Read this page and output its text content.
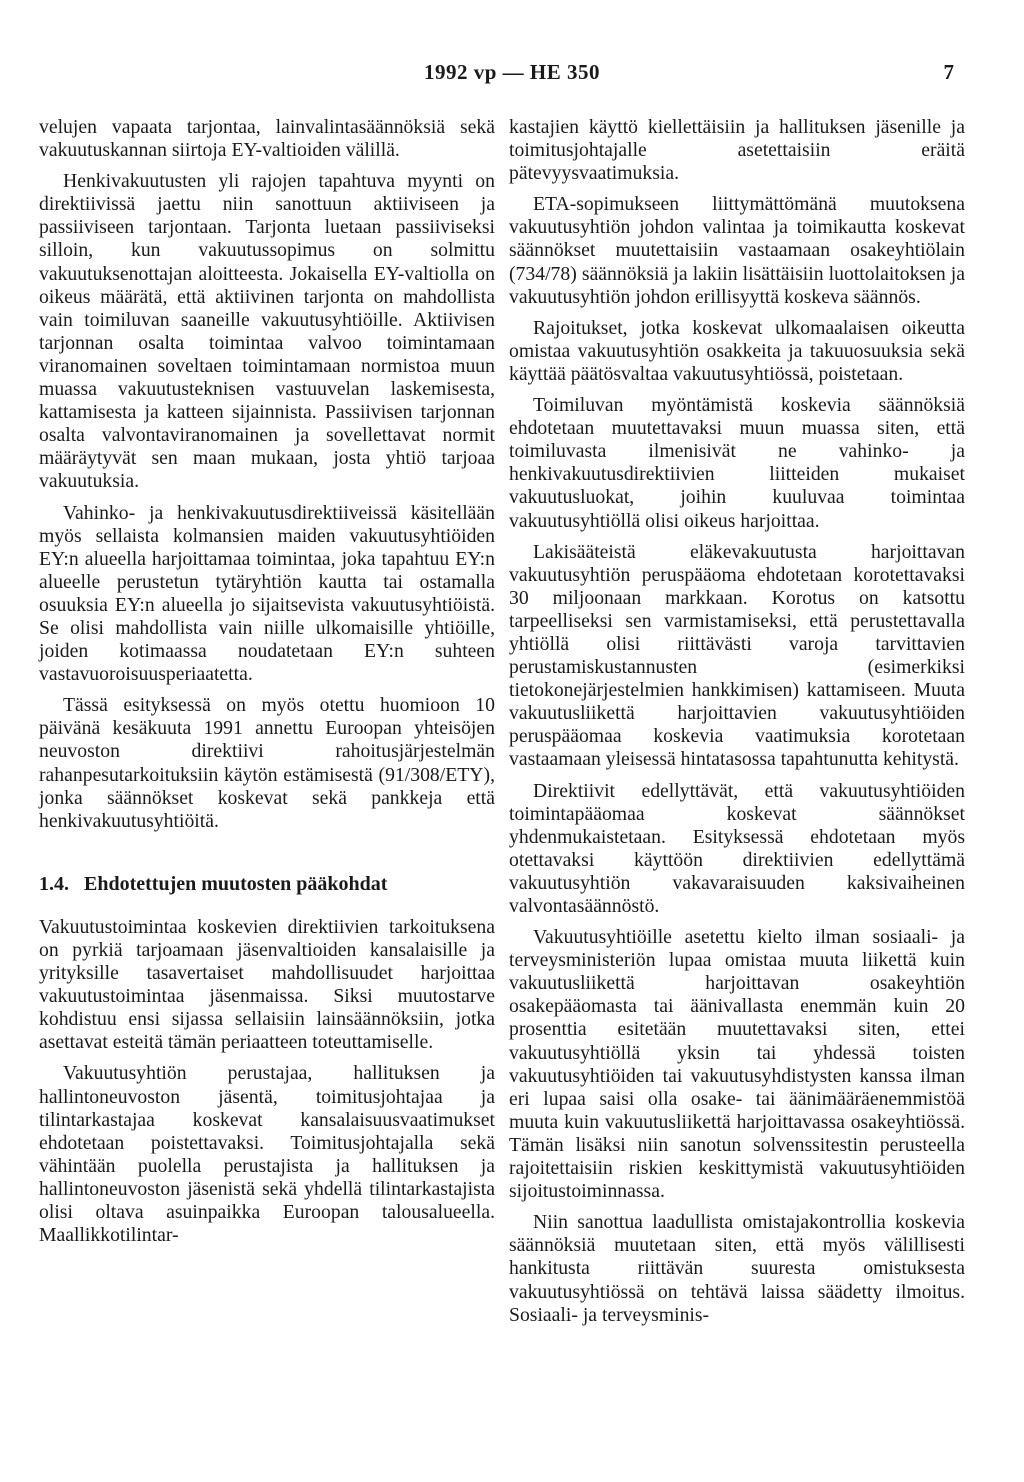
1992 vp — HE 350	7

velujen vapaata tarjontaa, lainvalintasäännöksiä sekä vakuutuskannan siirtoja EY-valtioiden välillä.

Henkivakuutusten yli rajojen tapahtuva myynti on direktiivissä jaettu niin sanottuun aktiiviseen ja passiiviseen tarjontaan. Tarjonta luetaan passiiviseksi silloin, kun vakuutussopimus on solmittu vakuutuksenottajan aloitteesta. Jokaisella EY-valtiolla on oikeus määrätä, että aktiivinen tarjonta on mahdollista vain toimiluvan saaneille vakuutusyhtiöille. Aktiivisen tarjonnan osalta toimintaa valvoo toimintamaan viranomainen soveltaen toimintamaan normistoa muun muassa vakuutusteknisen vastuuvelan laskemisesta, kattamisesta ja katteen sijainnista. Passiivisen tarjonnan osalta valvontaviranomainen ja sovellettavat normit määräytyvät sen maan mukaan, josta yhtiö tarjoaa vakuutuksia.

Vahinko- ja henkivakuutusdirektiiveissä käsitellään myös sellaista kolmansien maiden vakuutusyhtiöiden EY:n alueella harjoittamaa toimintaa, joka tapahtuu EY:n alueelle perustetun tytäryhtiön kautta tai ostamalla osuuksia EY:n alueella jo sijaitsevista vakuutusyhtiöistä. Se olisi mahdollista vain niille ulkomaisille yhtiöille, joiden kotimaassa noudatetaan EY:n suhteen vastavuoroisuusperiaatetta.

Tässä esityksessä on myös otettu huomioon 10 päivänä kesäkuuta 1991 annettu Euroopan yhteisöjen neuvoston direktiivi rahoitusjärjestelmän rahanpesutarkoituksiin käytön estämisestä (91/308/ETY), jonka säännökset koskevat sekä pankkeja että henkivakuutusyhtiöitä.

1.4. Ehdotettujen muutosten pääkohdat

Vakuutustoimintaa koskevien direktiivien tarkoituksena on pyrkiä tarjoamaan jäsenvaltioiden kansalaisille ja yrityksille tasavertaiset mahdollisuudet harjoittaa vakuutustoimintaa jäsenmaissa. Siksi muutostarve kohdistuu ensi sijassa sellaisiin lainsäännöksiin, jotka asettavat esteitä tämän periaatteen toteuttamiselle.

Vakuutusyhtiön perustajaa, hallituksen ja hallintoneuvoston jäsentä, toimitusjohtajaa ja tilintarkastajaa koskevat kansalaisuusvaatimukset ehdotetaan poistettavaksi. Toimitusjohtajalla sekä vähintään puolella perustajista ja hallituksen ja hallintoneuvoston jäsenistä sekä yhdellä tilintarkastajista olisi oltava asuinpaikka Euroopan talousalueella. Maallikkotilintar-

kastajien käyttö kiellettäisiin ja hallituksen jäsenille ja toimitusjohtajalle asetettaisiin eräitä pätevyysvaatimuksia.

ETA-sopimukseen liittymättömänä muutoksena vakuutusyhtiön johdon valintaa ja toimikautta koskevat säännökset muutettaisiin vastaamaan osakeyhtiölain (734/78) säännöksiä ja lakiin lisättäisiin luottolaitoksen ja vakuutusyhtiön johdon erillisyyttä koskeva säännös.

Rajoitukset, jotka koskevat ulkomaalaisen oikeutta omistaa vakuutusyhtiön osakkeita ja takuuosuuksia sekä käyttää päätösvaltaa vakuutusyhtiössä, poistetaan.

Toimiluvan myöntämistä koskevia säännöksiä ehdotetaan muutettavaksi muun muassa siten, että toimiluvasta ilmenisivät ne vahinko- ja henkivakuutusdirektiivien liitteiden mukaiset vakuutusluokat, joihin kuuluvaa toimintaa vakuutusyhtiöllä olisi oikeus harjoittaa.

Lakisääteistä eläkevakuutusta harjoittavan vakuutusyhtiön peruspääoma ehdotetaan korotettavaksi 30 miljoonaan markkaan. Korotus on katsottu tarpeelliseksi sen varmistamiseksi, että perustettavalla yhtiöllä olisi riittävästi varoja tarvittavien perustamiskustannusten (esimerkiksi tietokonejärjestelmien hankkimisen) kattamiseen. Muuta vakuutusliikettä harjoittavien vakuutusyhtiöiden peruspääomaa koskevia vaatimuksia korotetaan vastaamaan yleisessä hintatasossa tapahtunutta kehitystä.

Direktiivit edellyttävät, että vakuutusyhtiöiden toimintapääomaa koskevat säännökset yhdenmukaistetaan. Esityksessä ehdotetaan myös otettavaksi käyttöön direktiivien edellyttämä vakuutusyhtiön vakavaraisuuden kaksivaiheinen valvontasäännöstö.

Vakuutusyhtiöille asetettu kielto ilman sosiaali- ja terveysministeriön lupaa omistaa muuta liikettä kuin vakuutusliikettä harjoittavan osakeyhtiön osakepääomasta tai äänivallasta enemmän kuin 20 prosenttia esitetään muutettavaksi siten, ettei vakuutusyhtiöllä yksin tai yhdessä toisten vakuutusyhtiöiden tai vakuutusyhdistysten kanssa ilman eri lupaa saisi olla osake- tai äänimääräenemmistöä muuta kuin vakuutusliikettä harjoittavassa osakeyhtiössä. Tämän lisäksi niin sanotun solvenssitestin perusteella rajoitettaisiin riskien keskittymistä vakuutusyhtiöiden sijoitustoiminnassa.

Niin sanottua laadullista omistajakontrollia koskevia säännöksiä muutetaan siten, että myös välillisesti hankitusta riittävän suuresta omistuksesta vakuutusyhtiössä on tehtävä laissa säädetty ilmoitus. Sosiaali- ja terveysminis-
